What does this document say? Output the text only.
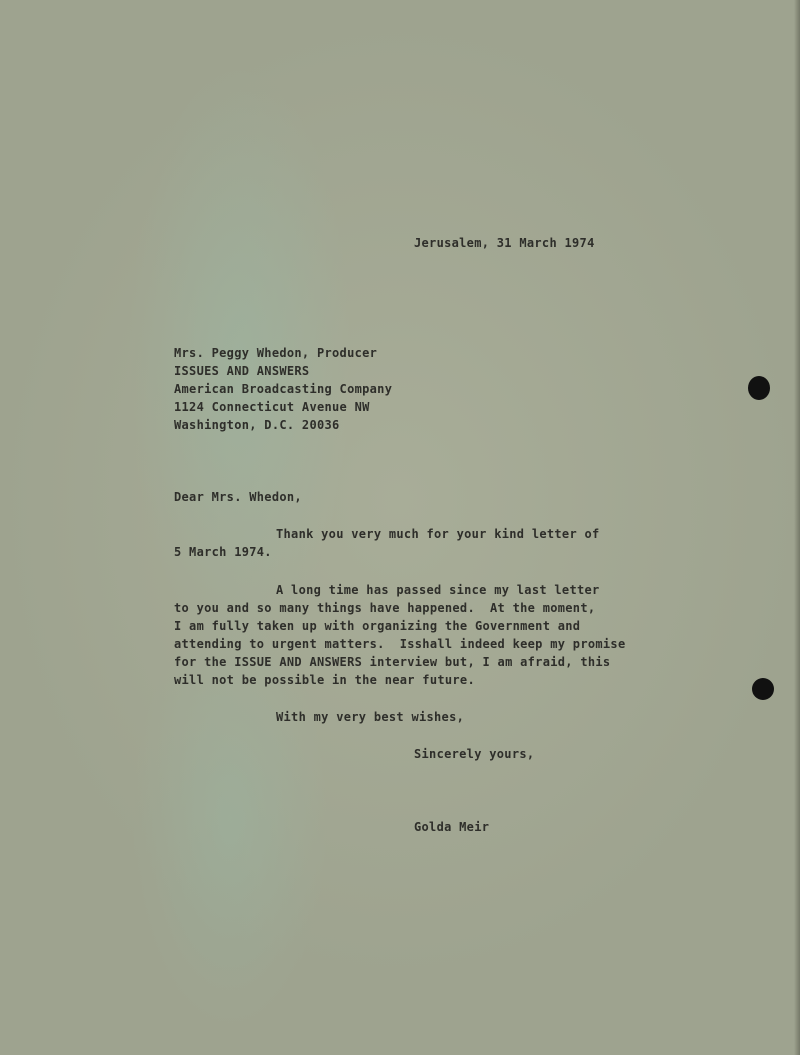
Jerusalem, 31 March 1974
Mrs. Peggy Whedon, Producer
ISSUES AND ANSWERS
American Broadcasting Company
1124 Connecticut Avenue NW
Washington, D.C. 20036
Dear Mrs. Whedon,
Thank you very much for your kind letter of
5 March 1974.
A long time has passed since my last letter
to you and so many things have happened.  At the moment,
I am fully taken up with organizing the Government and
attending to urgent matters.  Isshall indeed keep my promise
for the ISSUE AND ANSWERS interview but, I am afraid, this
will not be possible in the near future.
With my very best wishes,
Sincerely yours,
Golda Meir
